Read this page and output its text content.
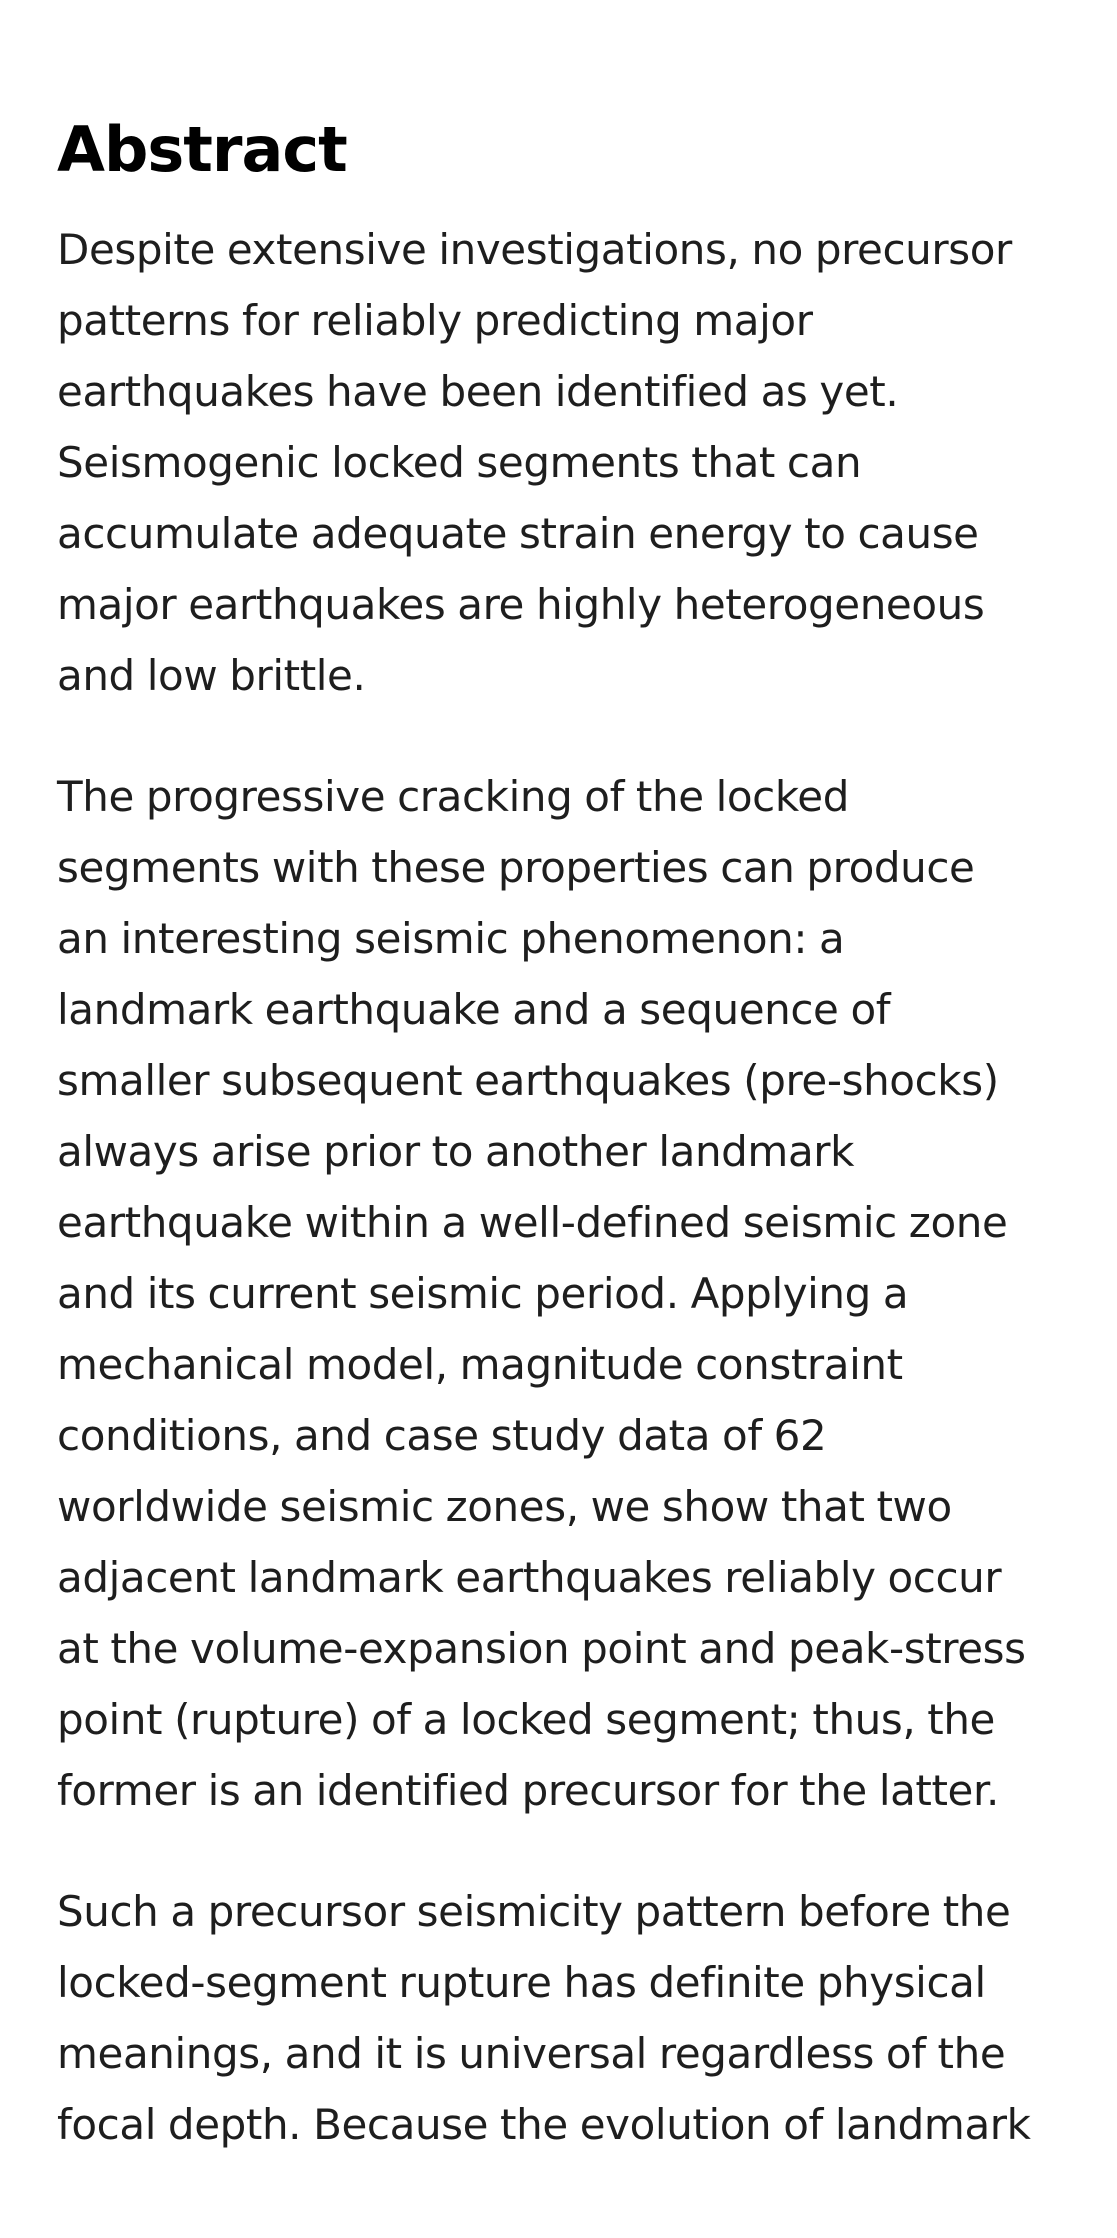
Abstract

Despite extensive investigations, no precursor
patterns for reliably predicting major
earthquakes have been identified as yet.
Seismogenic locked segments that can
accumulate adequate strain energy to cause
major earthquakes are highly heterogeneous
and low brittle.

The progressive cracking of the locked
segments with these properties can produce
an interesting seismic phenomenon: a
landmark earthquake and a sequence of
smaller subsequent earthquakes (pre-shocks)
always arise prior to another landmark
earthquake within a well-defined seismic zone
and its current seismic period. Applying a
mechanical model, magnitude constraint
conditions, and case study data of 62
worldwide seismic zones, we show that two
adjacent landmark earthquakes reliably occur
at the volume-expansion point and peak-stress
point (rupture) of a locked segment; thus, the
former is an identified precursor for the latter.

Such a precursor seismicity pattern before the
locked-segment rupture has definite physical
meanings, and it is universal regardless of the
focal depth. Because the evolution of landmark
